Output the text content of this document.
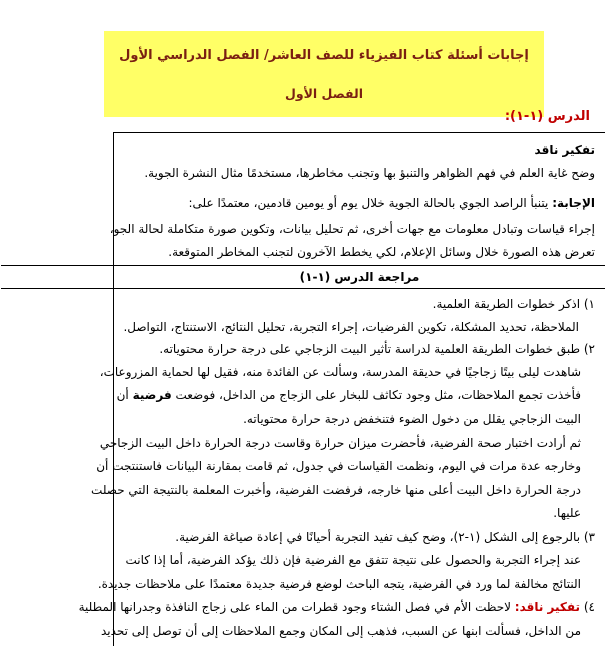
إجابات أسئلة كتاب الفيزياء للصف العاشر/ الفصل الدراسي الأول
الفصل الأول
الدرس (١-١):
تفكير ناقد
وضح غاية العلم في فهم الظواهر والتنبؤ بها وتجنب مخاطرها، مستخدمًا مثال النشرة الجوية.
الإجابة: يتنبأ الراصد الجوي بالحالة الجوية خلال يوم أو يومين قادمين، معتمدًا على:
إجراء قياسات وتبادل معلومات مع جهات أخرى، ثم تحليل بيانات، وتكوين صورة متكاملة لحالة الجو،
تعرض هذه الصورة خلال وسائل الإعلام، لكي يخطط الآخرون لتجنب المخاطر المتوقعة.
مراجعة الدرس (١-١)
١) اذكر خطوات الطريقة العلمية.
الملاحظة، تحديد المشكلة، تكوين الفرضيات، إجراء التجربة، تحليل النتائج، الاستنتاج، التواصل.
٢) طبق خطوات الطريقة العلمية لدراسة تأثير البيت الزجاجي على درجة حرارة محتوياته.
شاهدت ليلى بيتًا زجاجيًا في حديقة المدرسة، وسألت عن الفائدة منه، فقيل لها لحماية المزروعات،
فأخذت تجمع الملاحظات، مثل وجود تكاثف للبخار على الزجاج من الداخل، فوضعت فرضية أن
البيت الزجاجي يقلل من دخول الضوء فتنخفض درجة حرارة محتوياته.
ثم أرادت اختبار صحة الفرضية، فأحضرت ميزان حرارة وقاست درجة الحرارة داخل البيت الزجاجي
وخارجه عدة مرات في اليوم، ونظمت القياسات في جدول، ثم قامت بمقارنة البيانات فاستنتجت أن
درجة الحرارة داخل البيت أعلى منها خارجه، فرفضت الفرضية، وأخبرت المعلمة بالنتيجة التي حصلت
عليها.
٣) بالرجوع إلى الشكل (١-٢)، وضح كيف تفيد التجربة أحيانًا في إعادة صياغة الفرضية.
عند إجراء التجربة والحصول على نتيجة تتفق مع الفرضية فإن ذلك يؤكد الفرضية، أما إذا كانت
النتائج مخالفة لما ورد في الفرضية، يتجه الباحث لوضع فرضية جديدة معتمدًا على ملاحظات جديدة.
٤) تفكير ناقد: لاحظت الأم في فصل الشتاء وجود قطرات من الماء على زجاج النافذة وجدرانها المطلية
من الداخل، فسألت ابنها عن السبب، فذهب إلى المكان وجمع الملاحظات إلى أن توصل إلى تحديد
